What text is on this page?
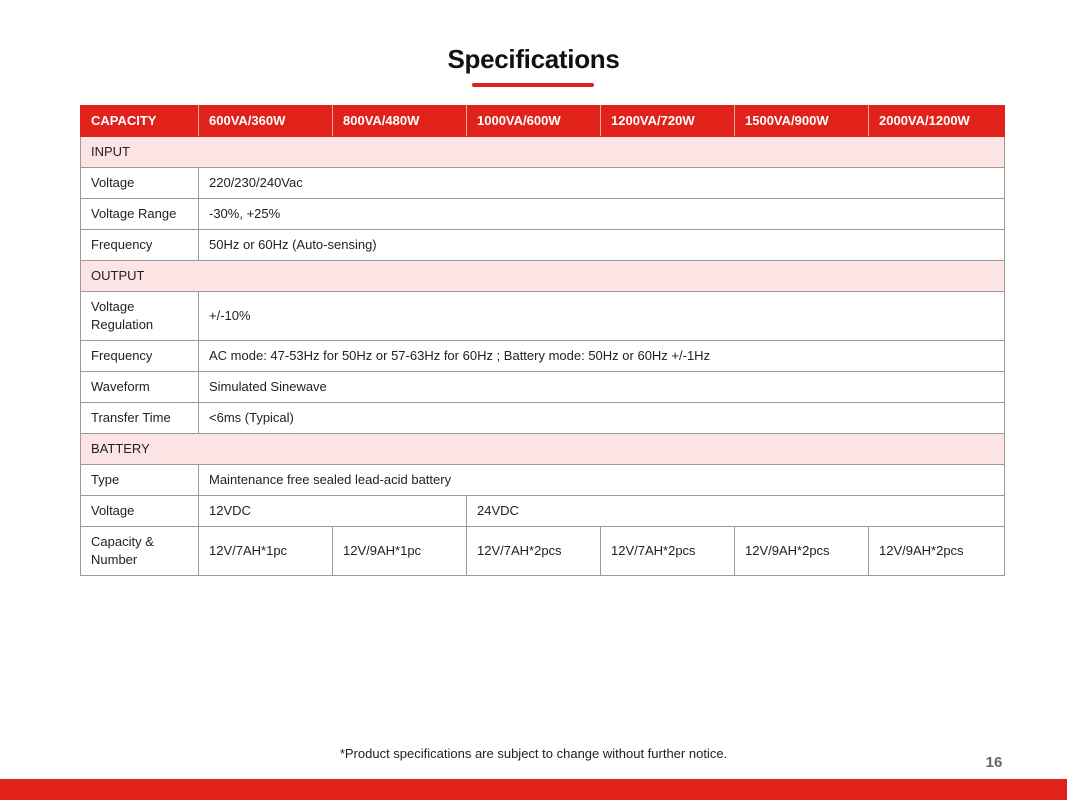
Specifications
CAPACITY	600VA/360W	800VA/480W	1000VA/600W	1200VA/720W	1500VA/900W	2000VA/1200W
INPUT						
Voltage	220/230/240Vac					
Voltage Range	-30%, +25%					
Frequency	50Hz or 60Hz (Auto-sensing)					
OUTPUT						
Voltage
Regulation	+/-10%					
Frequency	AC mode: 47-53Hz for 50Hz or 57-63Hz for 60Hz ; Battery mode: 50Hz or 60Hz +/-1Hz					
Waveform	Simulated Sinewave					
Transfer Time	<6ms (Typical)					
BATTERY						
Type	Maintenance free sealed lead-acid battery					
Voltage	12VDC		24VDC			
Capacity &
Number	12V/7AH*1pc	12V/9AH*1pc	12V/7AH*2pcs	12V/7AH*2pcs	12V/9AH*2pcs	12V/9AH*2pcs
*Product specifications are subject to change without further notice.
16
